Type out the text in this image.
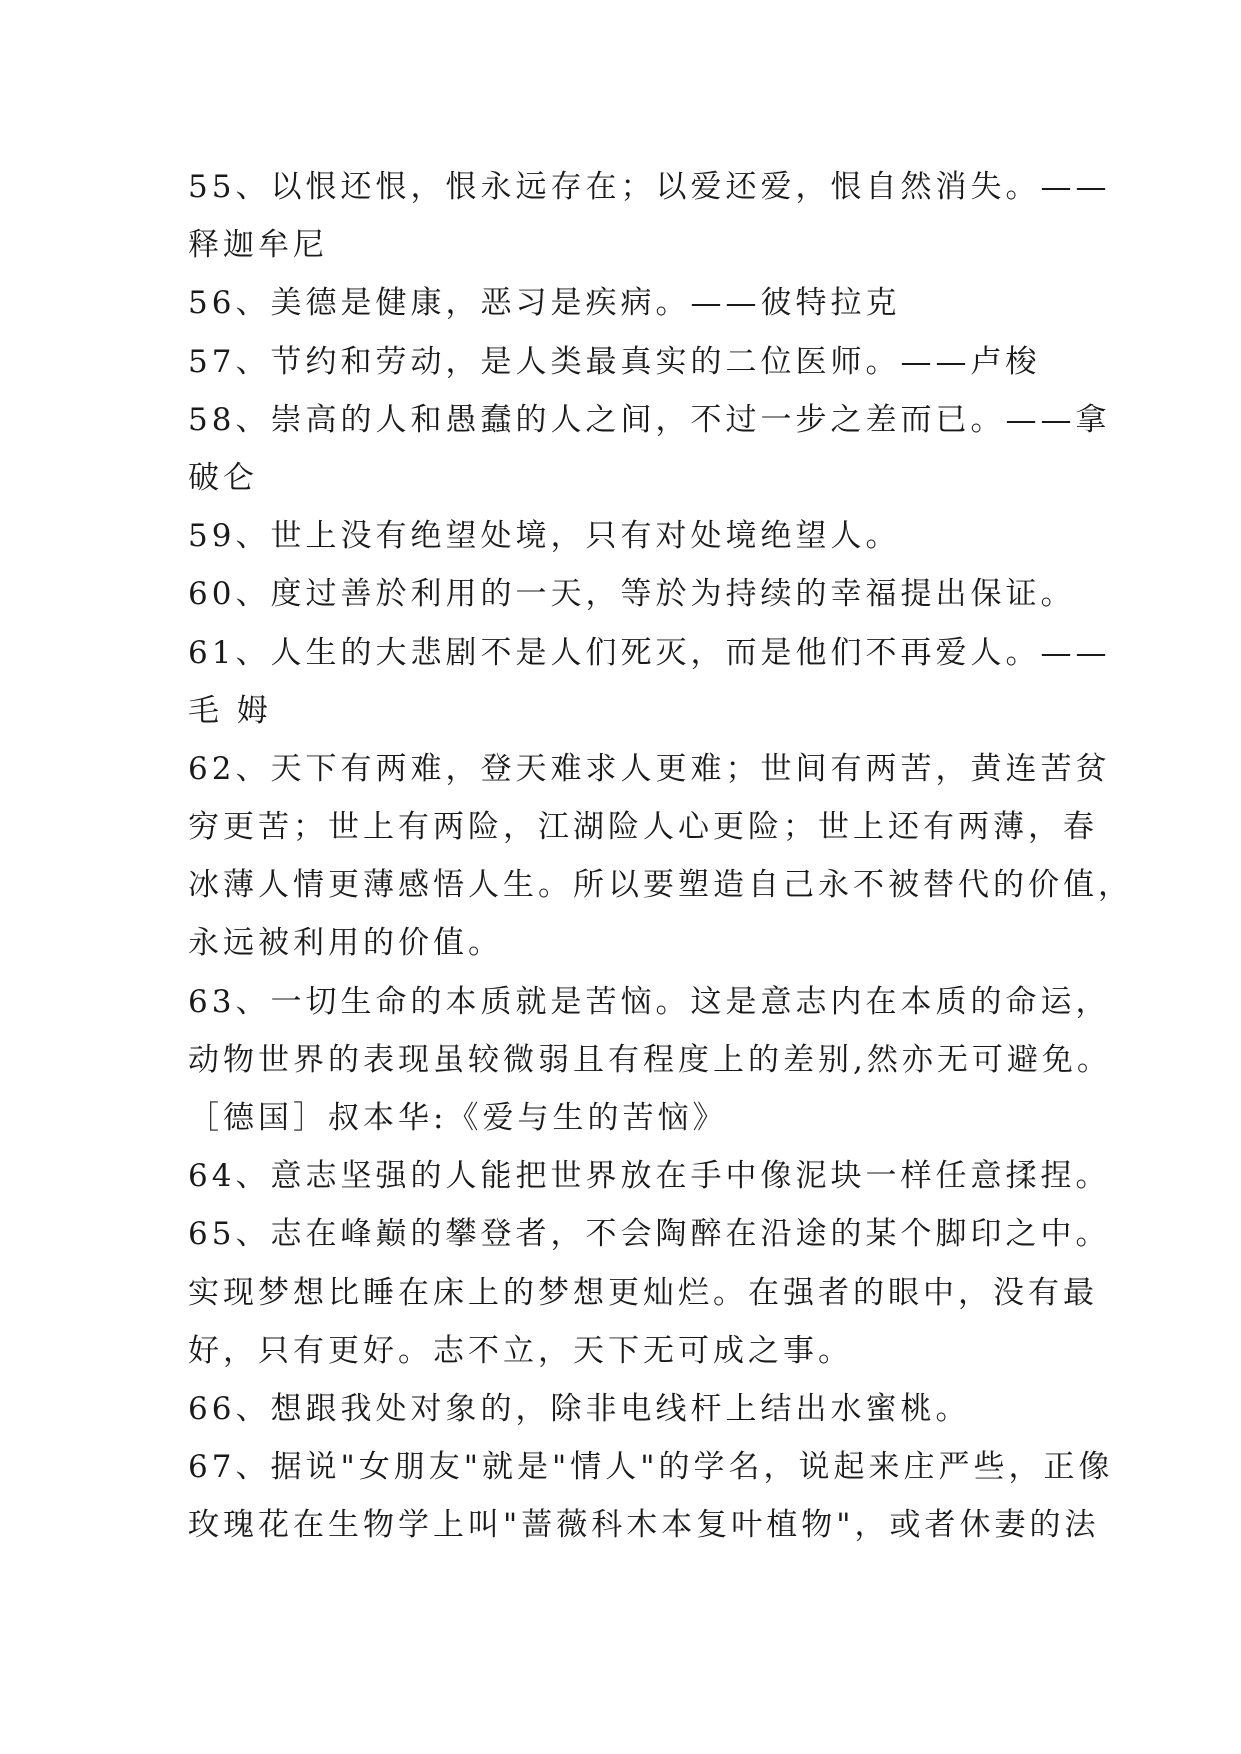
55、以恨还恨，恨永远存在；以爱还爱，恨自然消失。——
释迦牟尼
56、美德是健康，恶习是疾病。——彼特拉克
57、节约和劳动，是人类最真实的二位医师。——卢梭
58、崇高的人和愚蠢的人之间，不过一步之差而已。——拿
破仑
59、世上没有绝望处境，只有对处境绝望人。
60、度过善於利用的一天，等於为持续的幸福提出保证。
61、人生的大悲剧不是人们死灭，而是他们不再爱人。——
毛 姆
62、天下有两难，登天难求人更难；世间有两苦，黄连苦贫
穷更苦；世上有两险，江湖险人心更险；世上还有两薄，春
冰薄人情更薄感悟人生。所以要塑造自己永不被替代的价值，
永远被利用的价值。
63、一切生命的本质就是苦恼。这是意志内在本质的命运，
动物世界的表现虽较微弱且有程度上的差别,然亦无可避免。
［德国］叔本华:《爱与生的苦恼》
64、意志坚强的人能把世界放在手中像泥块一样任意揉捏。
65、志在峰巅的攀登者，不会陶醉在沿途的某个脚印之中。
实现梦想比睡在床上的梦想更灿烂。在强者的眼中，没有最
好，只有更好。志不立，天下无可成之事。
66、想跟我处对象的，除非电线杆上结出水蜜桃。
67、据说"女朋友"就是"情人"的学名，说起来庄严些，正像
玫瑰花在生物学上叫"蔷薇科木本复叶植物"，或者休妻的法
